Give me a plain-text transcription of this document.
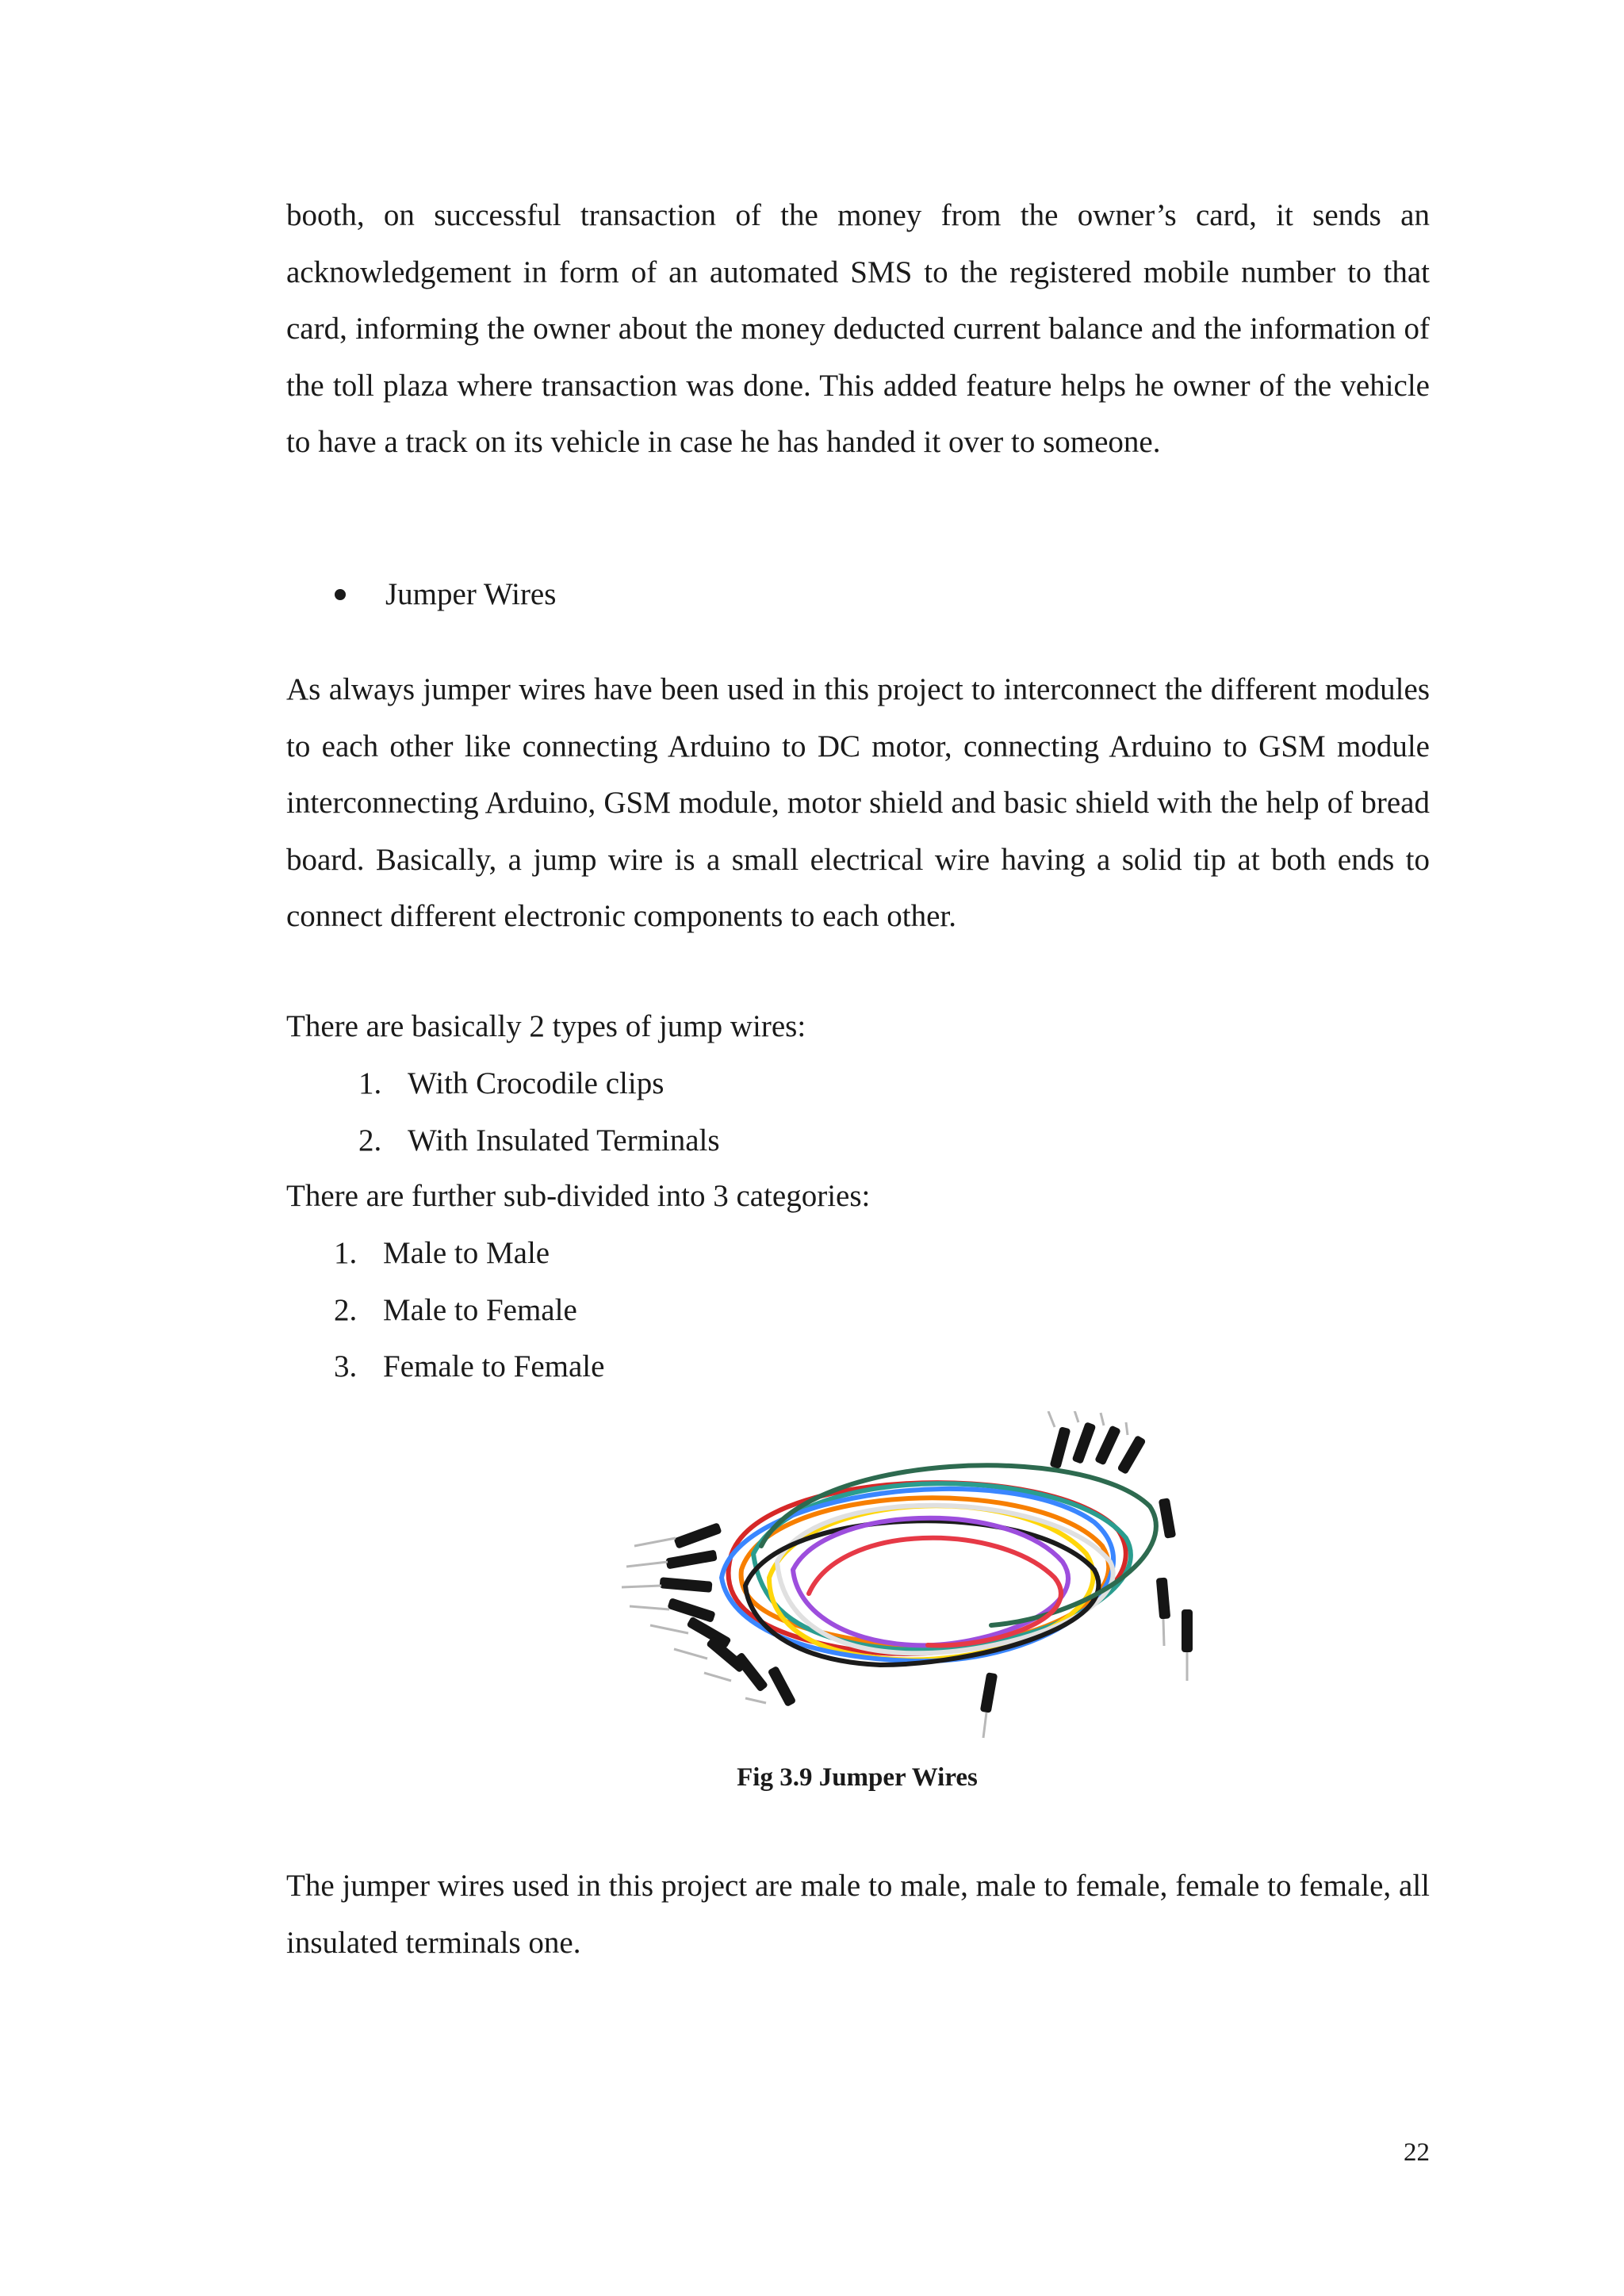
booth, on successful transaction of the money from the owner’s card, it sends an acknowledgement in form of an automated SMS to the registered mobile number to that card, informing the owner about the money deducted current balance and the information of the toll plaza where transaction was done. This added feature helps he owner of the vehicle to have a track on its vehicle in case he has handed it over to someone.

Jumper Wires

As always jumper wires have been used in this project to interconnect the different modules to each other like connecting Arduino to DC motor, connecting Arduino to GSM module interconnecting Arduino, GSM module, motor shield and basic shield with the help of bread board. Basically, a jump wire is a small electrical wire having a solid tip at both ends to connect different electronic components to each other.

There are basically 2 types of jump wires:

1. With Crocodile clips
2. With Insulated Terminals

There are further sub-divided into 3 categories:

1. Male to Male
2. Male to Female
3. Female to Female
Fig 3.9 Jumper Wires

The jumper wires used in this project are male to male, male to female, female to female, all insulated terminals one.

22
